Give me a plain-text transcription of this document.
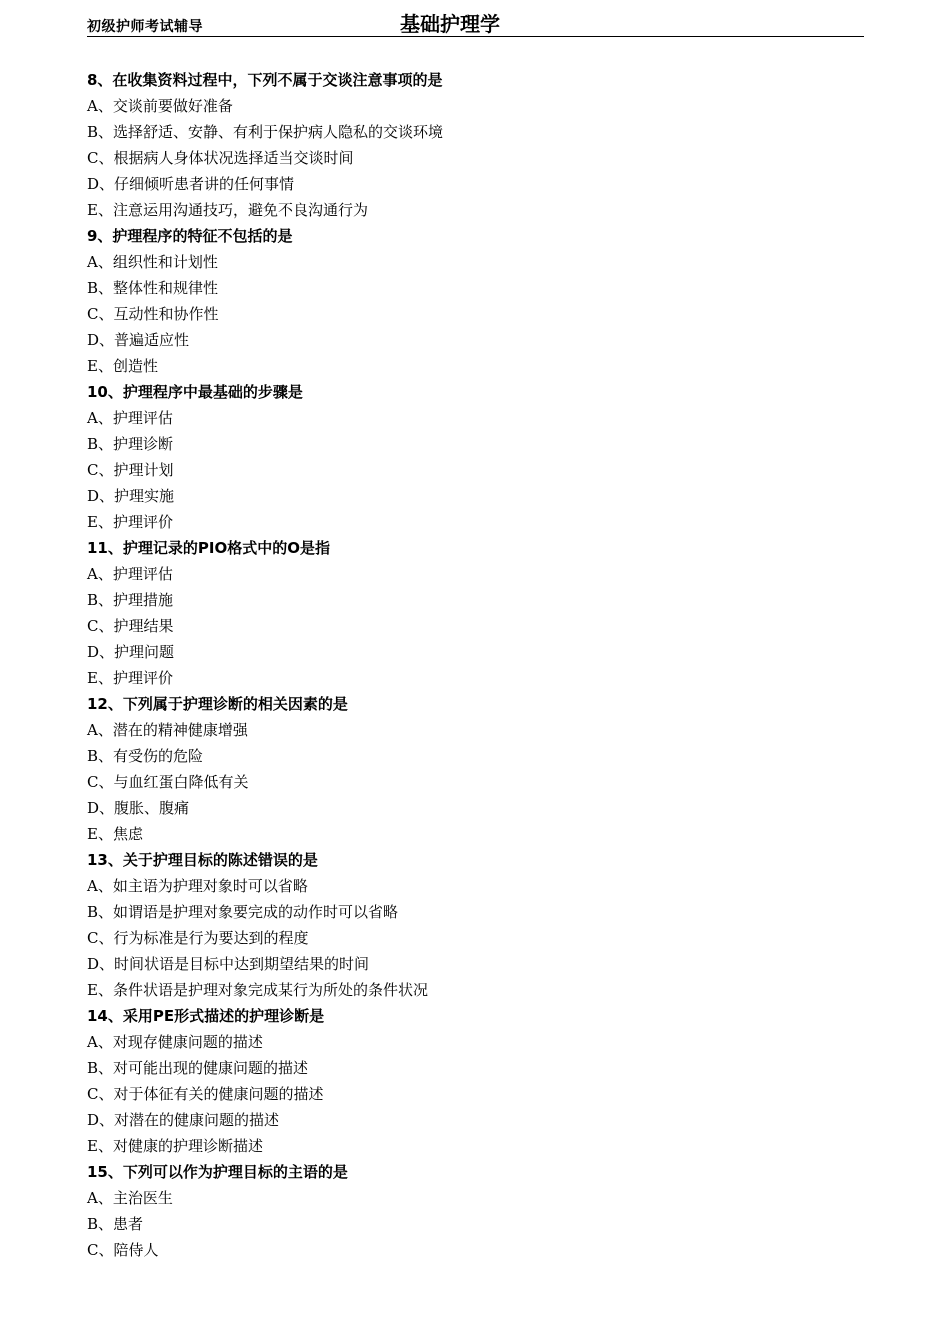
初级护师考试辅导	基础护理学
8、在收集资料过程中，下列不属于交谈注意事项的是
A、交谈前要做好准备
B、选择舒适、安静、有利于保护病人隐私的交谈环境
C、根据病人身体状况选择适当交谈时间
D、仔细倾听患者讲的任何事情
E、注意运用沟通技巧，避免不良沟通行为
9、护理程序的特征不包括的是
A、组织性和计划性
B、整体性和规律性
C、互动性和协作性
D、普遍适应性
E、创造性
10、护理程序中最基础的步骤是
A、护理评估
B、护理诊断
C、护理计划
D、护理实施
E、护理评价
11、护理记录的PIO格式中的O是指
A、护理评估
B、护理措施
C、护理结果
D、护理问题
E、护理评价
12、下列属于护理诊断的相关因素的是
A、潜在的精神健康增强
B、有受伤的危险
C、与血红蛋白降低有关
D、腹胀、腹痛
E、焦虑
13、关于护理目标的陈述错误的是
A、如主语为护理对象时可以省略
B、如谓语是护理对象要完成的动作时可以省略
C、行为标准是行为要达到的程度
D、时间状语是目标中达到期望结果的时间
E、条件状语是护理对象完成某行为所处的条件状况
14、采用PE形式描述的护理诊断是
A、对现存健康问题的描述
B、对可能出现的健康问题的描述
C、对于体征有关的健康问题的描述
D、对潜在的健康问题的描述
E、对健康的护理诊断描述
15、下列可以作为护理目标的主语的是
A、主治医生
B、患者
C、陪侍人
